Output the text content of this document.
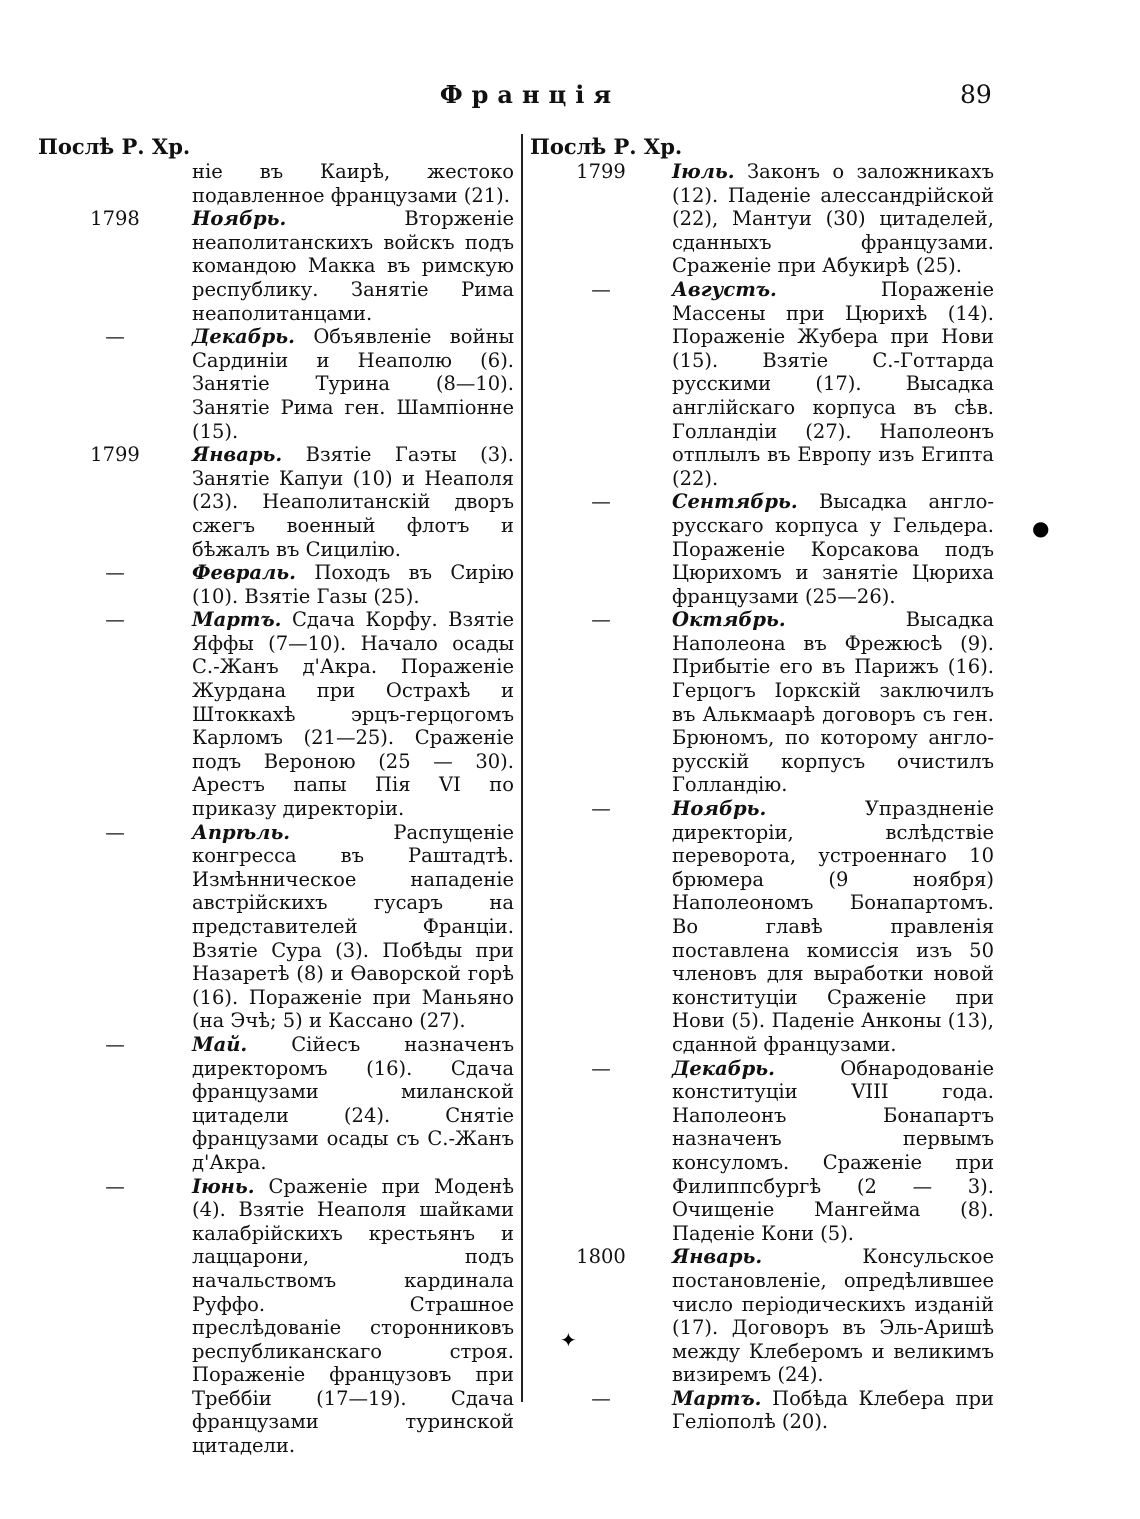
Франція	89
Послѣ Р. Хр.	Послѣ Р. Хр.
ніе въ Каирѣ, жестоко подавленное французами (21).
1798	Ноябрь.	Вторженіе неаполитанскихъ войскъ подъ командою Макка въ римскую республику. Занятіе Рима неаполитанцами.
—	Декабрь. Объявленіе войны Сардиніи и Неаполю (6). Занятіе Турина (8—10). Занятіе Рима ген. Шампіонне (15).
1799	Январь. Взятіе Гаэты (3). Занятіе Капуи (10) и Неаполя (23). Неаполитанскій дворъ сжегъ военный флотъ и бѣжалъ въ Сицилію.
—	Февраль. Походъ въ Сирію (10). Взятіе Газы (25).
—	Мартъ. Сдача Корфу. Взятіе Яффы (7—10). Начало осады С.-Жанъ д'Акра. Пораженіе Журдана при Острахѣ и Штоккахѣ эрцъ-герцогомъ Карломъ (21—25). Сраженіе подъ Вероною (25 — 30). Арестъ папы Пія VI по приказу директоріи.
—	Апрѣль.	Распущеніе конгресса въ Раштадтѣ. Измѣнническое нападеніе австрійскихъ гусаръ на представителей Франціи. Взятіе Сура (3). Побѣды при Назаретѣ (8) и Ѳаворской горѣ (16). Пораженіе при Маньяно (на Эчѣ; 5) и Кассано (27).
—	Май. Сійесъ назначенъ директоромъ (16). Сдача французами миланской цитадели (24). Снятіе французами осады съ С.-Жанъ д'Акра.
—	Іюнь. Сраженіе при Моденѣ (4). Взятіе Неаполя шайками калабрійскихъ крестьянъ и лаццарони, подъ начальствомъ кардинала Руффо. Страшное преслѣдованіе сторонниковъ республиканскаго строя. Пораженіе французовъ при Треббіи (17—19). Сдача французами туринской цитадели.
1799	Іюль. Законъ о заложникахъ (12). Паденіе алессандрійской (22), Мантуи (30) цитаделей, сданныхъ французами. Сраженіе при Абукирѣ (25).
—	Августъ.	Пораженіе Массены при Цюрихѣ (14). Пораженіе Жубера при Нови (15). Взятіе С.-Готтарда русскими (17). Высадка англійскаго корпуса въ сѣв. Голландіи (27). Наполеонъ отплылъ въ Европу изъ Египта (22).
—	Сентябрь. Высадка англо-русскаго корпуса у Гельдера. Пораженіе Корсакова подъ Цюрихомъ и занятіе Цюриха французами (25—26).
—	Октябрь.	Высадка Наполеона въ Фрежюсѣ (9). Прибытіе его въ Парижъ (16). Герцогъ Іоркскій заключилъ въ Алькмаарѣ договоръ съ ген. Брюномъ, по которому англо-русскій корпусъ очистилъ Голландію.
—	Ноябрь.	Упраздненіе директоріи, вслѣдствіе переворота, устроеннаго 10 брюмера (9 ноября) Наполеономъ Бонапартомъ. Во главѣ правленія поставлена комиссія изъ 50 членовъ для выработки новой конституціи Сраженіе при Нови (5). Паденіе Анконы (13), сданной французами.
—	Декабрь.	Обнародованіе конституціи VIII года. Наполеонъ Бонапартъ назначенъ первымъ консуломъ. Сраженіе при Филиппсбургѣ (2 — 3). Очищеніе Мангейма (8). Паденіе Кони (5).
1800	Январь.	Консульское постановленіе, опредѣлившее число періодическихъ изданій (17). Договоръ въ Эль-Аришѣ между Клеберомъ и великимъ визиремъ (24).
—	Мартъ. Побѣда Клебера при Геліополѣ (20).
●
✦
